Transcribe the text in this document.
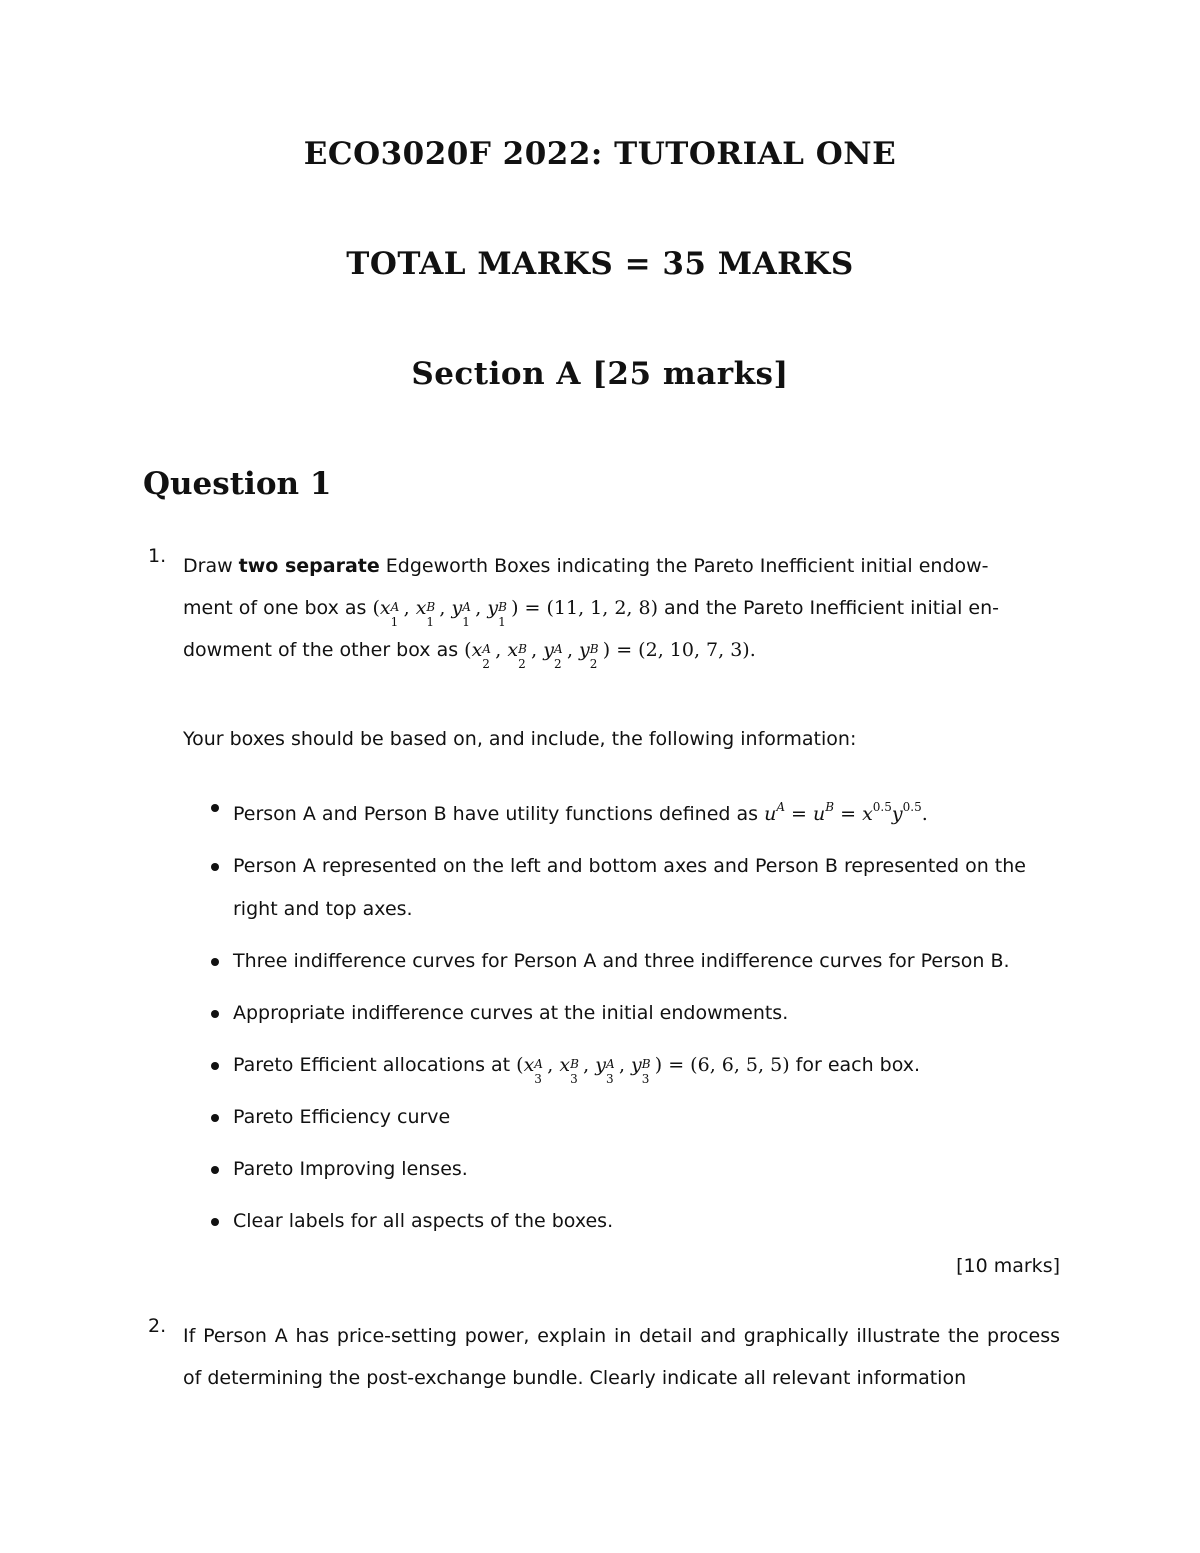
ECO3020F 2022: TUTORIAL ONE
TOTAL MARKS = 35 MARKS
Section A [25 marks]
Question 1
1. Draw two separate Edgeworth Boxes indicating the Pareto Inefficient initial endow-
ment of one box as (x A
1
, x B
1
, y A
1
, y B
1
) = (11, 1, 2, 8) and the Pareto Inefficient initial en-
dowment of the other box as (x A
2
, x B
2
, y A
2
, y B
2
) = (2, 10, 7, 3).
Your boxes should be based on, and include, the following information:
Person A and Person B have utility functions defined as $u^A = u^B = x^{0.5}y^{0.5}$.
Person A represented on the left and bottom axes and Person B represented on the right and top axes.
Three indifference curves for Person A and three indifference curves for Person B.
Appropriate indifference curves at the initial endowments.
Pareto Efficient allocations at (x A
3
, x B
3
, y A
3
, y B
3
) = (6, 6, 5, 5) for each box.
Pareto Efficiency curve
Pareto Improving lenses.
Clear labels for all aspects of the boxes.
[10 marks]
2. If Person A has price-setting power, explain in detail and graphically illustrate the process of determining the post-exchange bundle. Clearly indicate all relevant information
